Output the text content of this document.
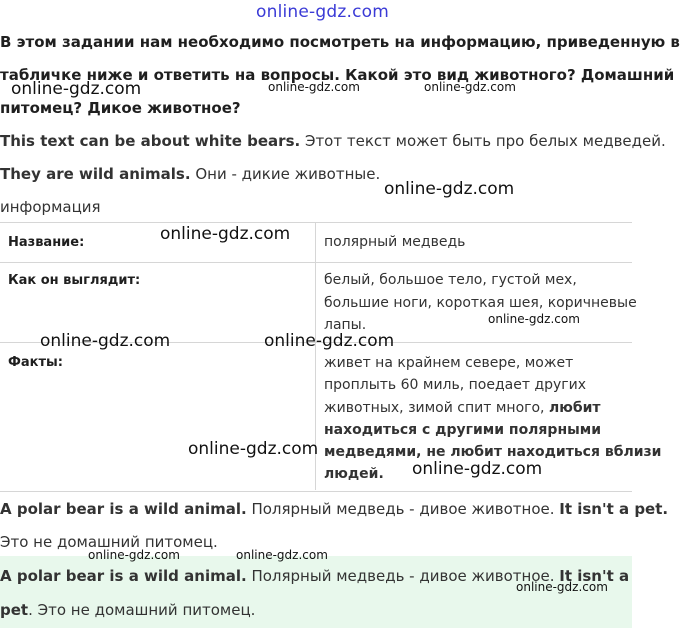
online-gdz.com
В этом задании нам необходимо посмотреть на информацию, приведенную в
табличке ниже и ответить на вопросы. Какой это вид животного? Домашний
питомец? Дикое животное?
online-gdz.com	online-gdz.com	online-gdz.com
This text can be about white bears. Этот текст может быть про белых медведей.
They are wild animals. Они - дикие животные.
online-gdz.com
информация
Название:	полярный медведь
Как он выглядит:	белый, большое тело, густой мех,
большие ноги, короткая шея, коричневые
лапы.
Факты:	живет на крайнем севере, может
проплыть 60 миль, поедает других
животных, зимой спит много, любит
находиться с другими полярными
медведями, не любит находиться вблизи
людей.
online-gdz.com
online-gdz.com
online-gdz.com	online-gdz.com
online-gdz.com
online-gdz.com
A polar bear is a wild animal. Полярный медведь - дивое животное. It isn't a pet.
Это не домашний питомец.
A polar bear is a wild animal. Полярный медведь - дивое животное. It isn't a
pet. Это не домашний питомец.
online-gdz.com	online-gdz.com
online-gdz.com
